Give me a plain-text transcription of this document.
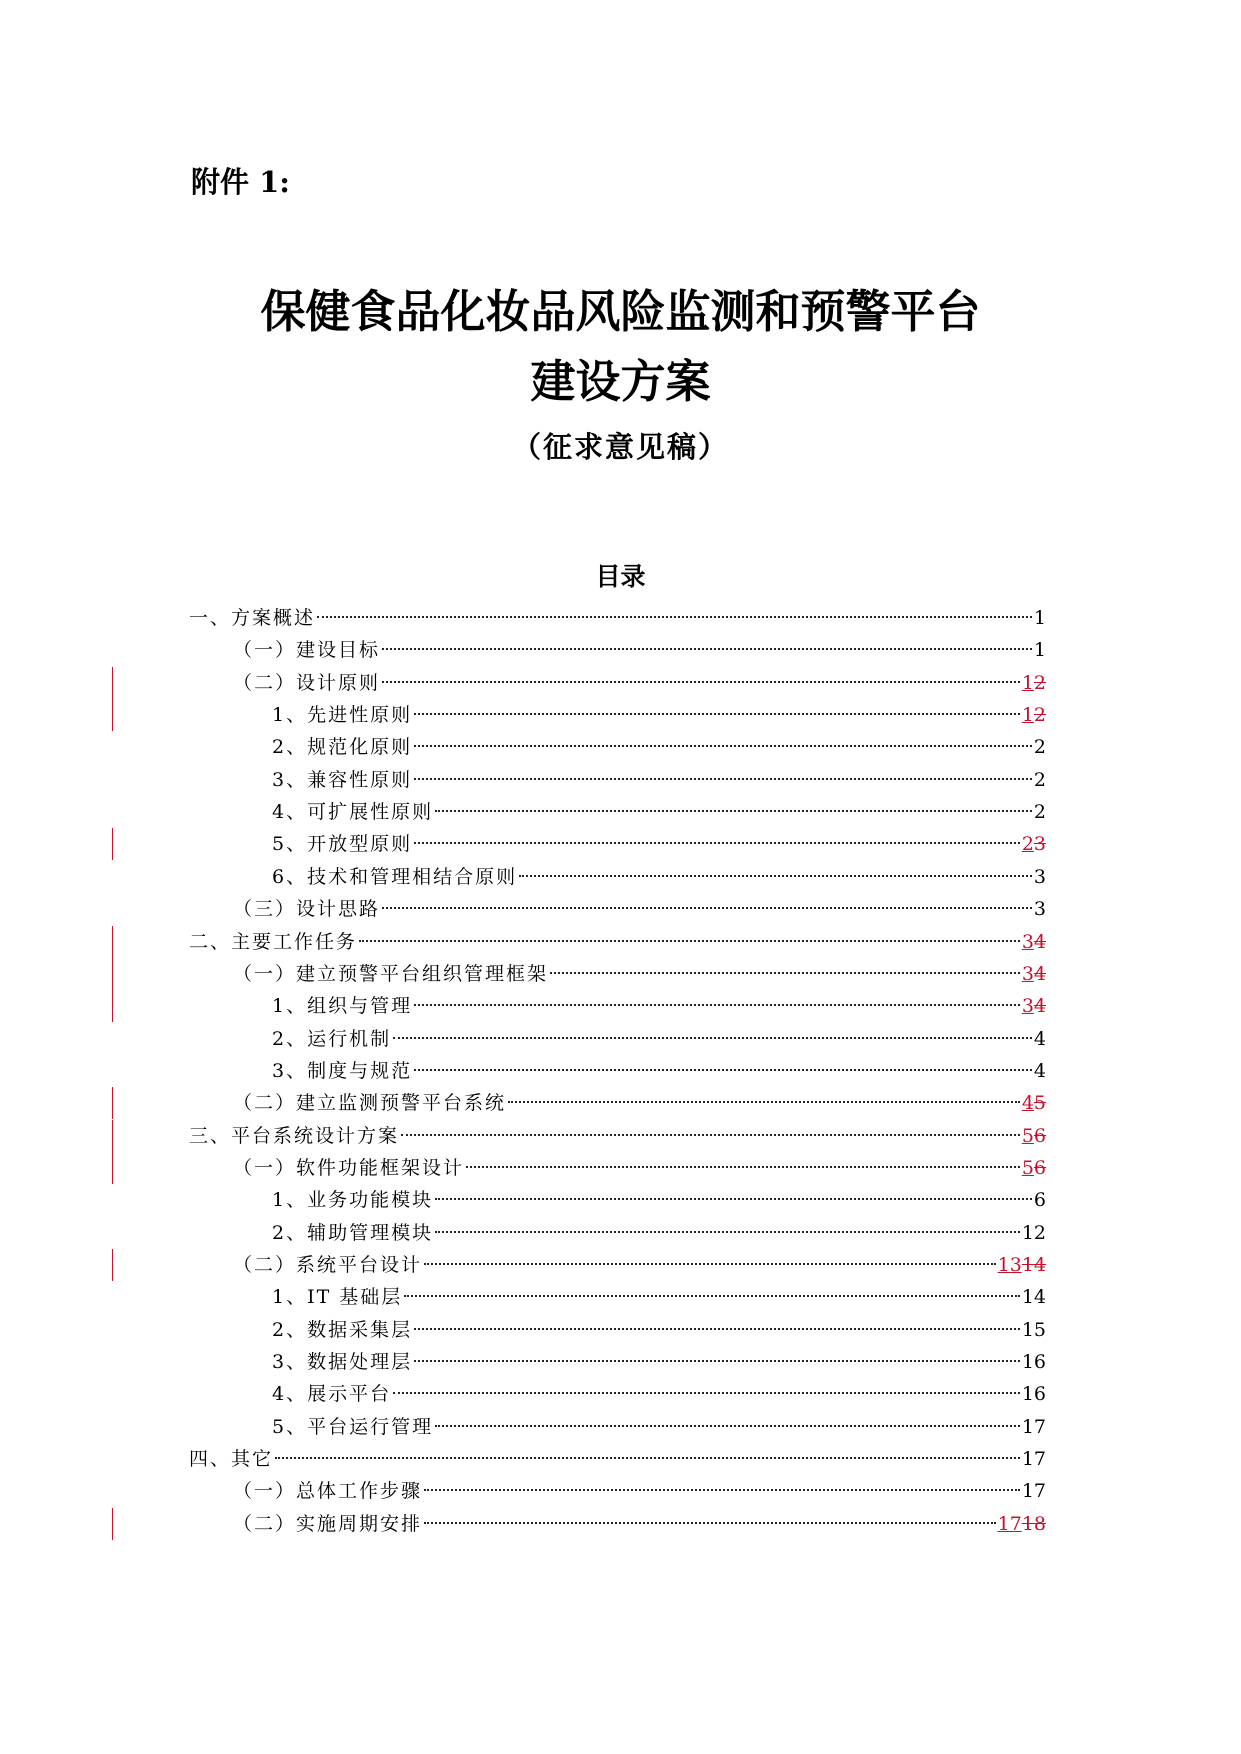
附件 1:

保健食品化妆品风险监测和预警平台
建设方案

（征求意见稿）

目录
一、方案概述	1
（一）建设目标	1
（二）设计原则	12
1、先进性原则	12
2、规范化原则	2
3、兼容性原则	2
4、可扩展性原则	2
5、开放型原则	23
6、技术和管理相结合原则	3
（三）设计思路	3
二、主要工作任务	34
（一）建立预警平台组织管理框架	34
1、组织与管理	34
2、运行机制	4
3、制度与规范	4
（二）建立监测预警平台系统	45
三、平台系统设计方案	56
（一）软件功能框架设计	56
1、业务功能模块	6
2、辅助管理模块	12
（二）系统平台设计	1314
1、IT 基础层	14
2、数据采集层	15
3、数据处理层	16
4、展示平台	16
5、平台运行管理	17
四、其它	17
（一）总体工作步骤	17
（二）实施周期安排	1718
